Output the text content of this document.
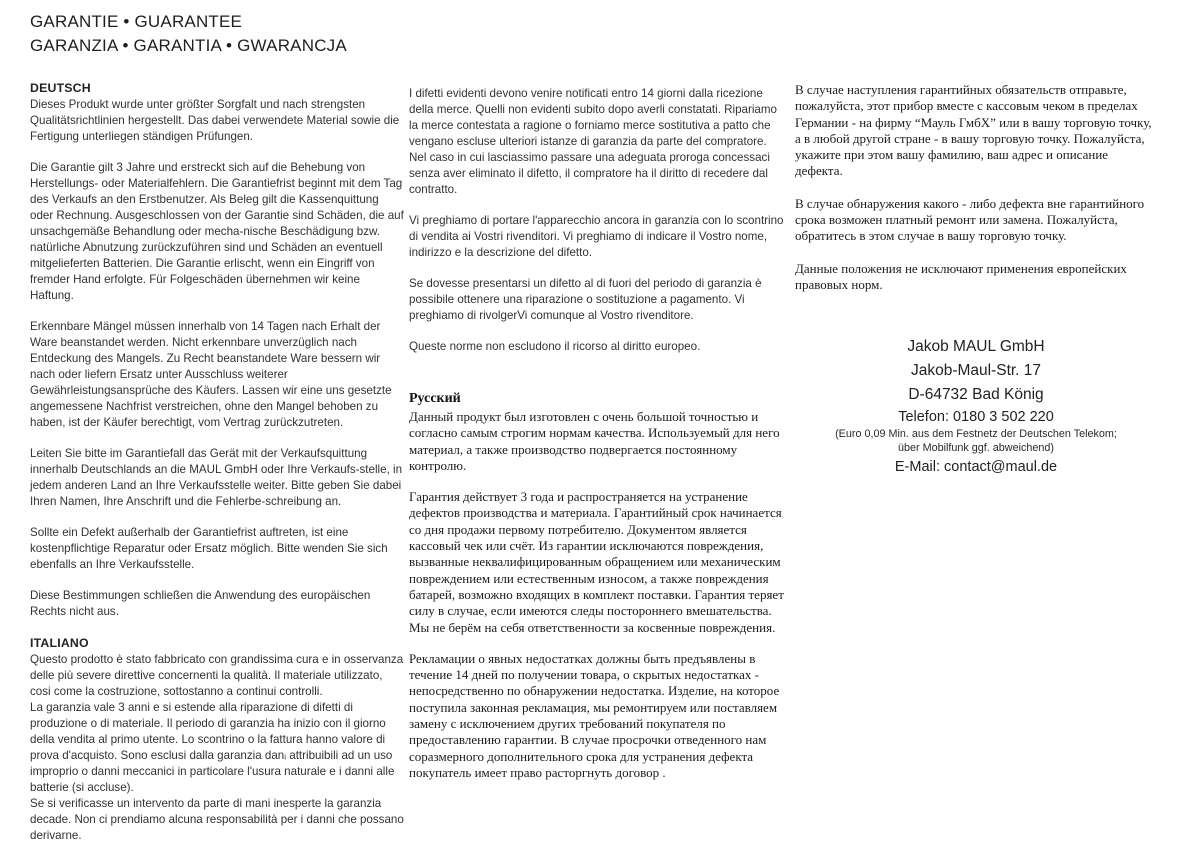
GARANTIE • GUARANTEE
GARANZIA • GARANTIA • GWARANCJA
DEUTSCH

Dieses Produkt wurde unter größter Sorgfalt und nach strengsten Qualitätsrichtlinien hergestellt. Das dabei verwendete Material sowie die Fertigung unterliegen ständigen Prüfungen.

Die Garantie gilt 3 Jahre und erstreckt sich auf die Behebung von Herstellungs- oder Materialfehlern. Die Garantiefrist beginnt mit dem Tag des Verkaufs an den Erstbenutzer. Als Beleg gilt die Kassenquittung oder Rechnung. Ausgeschlossen von der Garantie sind Schäden, die auf unsachgemäße Behandlung oder mecha-nische Beschädigung bzw. natürliche Abnutzung zurückzuführen sind und Schäden an eventuell mitgelieferten Batterien. Die Garantie erlischt, wenn ein Eingriff von fremder Hand erfolgte. Für Folgeschäden übernehmen wir keine Haftung.

Erkennbare Mängel müssen innerhalb von 14 Tagen nach Erhalt der Ware beanstandet werden. Nicht erkennbare unverzüglich nach Entdeckung des Mangels. Zu Recht beanstandete Ware bessern wir nach oder liefern Ersatz unter Ausschluss weiterer Gewährleistungsansprüche des Käufers. Lassen wir eine uns gesetzte angemessene Nachfrist verstreichen, ohne den Mangel behoben zu haben, ist der Käufer berechtigt, vom Vertrag zurückzutreten.

Leiten Sie bitte im Garantiefall das Gerät mit der Verkaufsquittung innerhalb Deutschlands an die MAUL GmbH oder Ihre Verkaufs-stelle, in jedem anderen Land an Ihre Verkaufsstelle weiter. Bitte geben Sie dabei Ihren Namen, Ihre Anschrift und die Fehlerbe-schreibung an.

Sollte ein Defekt außerhalb der Garantiefrist auftreten, ist eine kostenpflichtige Reparatur oder Ersatz möglich. Bitte wenden Sie sich ebenfalls an Ihre Verkaufsstelle.

Diese Bestimmungen schließen die Anwendung des europäischen Rechts nicht aus.

ITALIANO

Questo prodotto è stato fabbricato con grandissima cura e in osservanza delle più severe direttive concernenti la qualità. Il materiale utilizzato, cosi come la costruzione, sottostanno a continui controlli.

La garanzia vale 3 anni e si estende alla riparazione di difetti di produzione o di materiale. Il periodo di garanzia ha inizio con il giorno della vendita al primo utente. Lo scontrino o la fattura hanno valore di prova d'acquisto. Sono esclusi dalla garanzia danᵢ attribuibili ad un uso improprio o danni meccanici in particolare l'usura naturale e i danni alle batterie (si accluse).

Se si verificasse un intervento da parte di mani inesperte la garanzia decade. Non ci prendiamo alcuna responsabilità per i danni che possano derivarne.

I difetti evidenti devono venire notificati entro 14 giorni dalla ricezione della merce. Quelli non evidenti subito dopo averli constatati. Ripariamo la merce contestata a ragione o forniamo merce sostitutiva a patto che vengano escluse ulteriori istanze di garanzia da parte del compratore. Nel caso in cui lasciassimo passare una adeguata proroga concessaci senza aver eliminato il difetto, il compratore ha il diritto di recedere dal contratto.

Vi preghiamo di portare l'apparecchio ancora in garanzia con lo scontrino di vendita ai Vostri rivenditori. Vi preghiamo di indicare il Vostro nome, indirizzo e la descrizione del difetto.

Se dovesse presentarsi un difetto al di fuori del periodo di garanzia è possibile ottenere una riparazione o sostituzione a pagamento. Vi preghiamo di rivolgerVi comunque al Vostro rivenditore.

Queste norme non escludono il ricorso al diritto europeo.

Русский

Данный продукт был изготовлен с очень большой точностью и согласно самым строгим нормам качества. Используемый для него материал, а также производство подвергается постоянному контролю.

Гарантия действует 3 года и распространяется на устранение дефектов производства и материала. Гарантийный срок начинается со дня продажи первому потребителю. Документом является кассовый чек или счёт. Из гарантии исключаются повреждения, вызванные неквалифицированным обращением или механическим повреждением или естественным износом, а также повреждения батарей, возможно входящих в комплект поставки. Гарантия теряет силу в случае, если имеются следы постороннего вмешательства. Мы не берём на себя ответственности за косвенные повреждения.

Рекламации о явных недостатках должны быть предъявлены в течение 14 дней по получении товара, о скрытых недостатках - непосредственно по обнаружении недостатка. Изделие, на которое поступила законная рекламация, мы ремонтируем или поставляем замену с исключением других требований покупателя по предоставлению гарантии. В случае просрочки отведенного нам соразмерного дополнительного срока для устранения дефекта покупатель имеет право расторгнуть договор .

В случае наступления гарантийных обязательств отправьте, пожалуйста, этот прибор вместе с кассовым чеком в пределах Германии - на фирму “Мауль ГмбХ” или в вашу торговую точку, а в любой другой стране - в вашу торговую точку. Пожалуйста, укажите при этом вашу фамилию, ваш адрес и описание дефекта.

В случае обнаружения какого - либо дефекта вне гарантийного срока возможен платный ремонт или замена. Пожалуйста, обратитесь в этом случае в вашу торговую точку.

Данные положения не исключают применения европейских правовых норм.

Jakob MAUL GmbH
Jakob-Maul-Str. 17
D-64732 Bad König
Telefon: 0180 3 502 220
(Euro 0,09 Min. aus dem Festnetz der Deutschen Telekom; über Mobilfunk ggf. abweichend)
E-Mail: contact@maul.de
